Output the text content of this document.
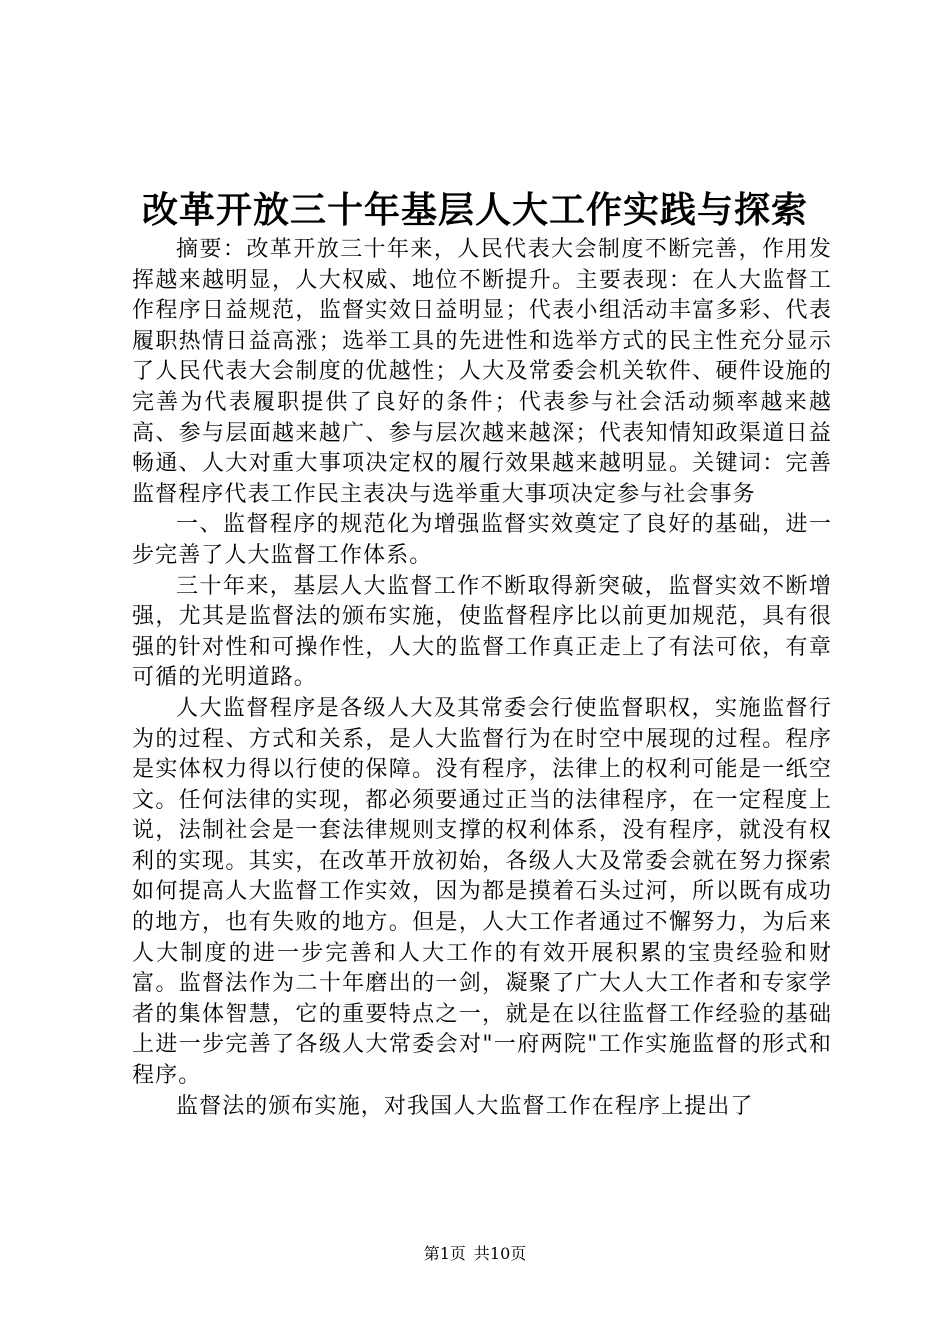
改革开放三十年基层人大工作实践与探索

摘要：改革开放三十年来，人民代表大会制度不断完善，作用发挥越来越明显，人大权威、地位不断提升。主要表现：在人大监督工作程序日益规范，监督实效日益明显；代表小组活动丰富多彩、代表履职热情日益高涨；选举工具的先进性和选举方式的民主性充分显示了人民代表大会制度的优越性；人大及常委会机关软件、硬件设施的完善为代表履职提供了良好的条件；代表参与社会活动频率越来越高、参与层面越来越广、参与层次越来越深；代表知情知政渠道日益畅通、人大对重大事项决定权的履行效果越来越明显。关键词：完善监督程序代表工作民主表决与选举重大事项决定参与社会事务

一、监督程序的规范化为增强监督实效奠定了良好的基础，进一步完善了人大监督工作体系。

三十年来，基层人大监督工作不断取得新突破，监督实效不断增强，尤其是监督法的颁布实施，使监督程序比以前更加规范，具有很强的针对性和可操作性，人大的监督工作真正走上了有法可依，有章可循的光明道路。

人大监督程序是各级人大及其常委会行使监督职权，实施监督行为的过程、方式和关系，是人大监督行为在时空中展现的过程。程序是实体权力得以行使的保障。没有程序，法律上的权利可能是一纸空文。任何法律的实现，都必须要通过正当的法律程序，在一定程度上说，法制社会是一套法律规则支撑的权利体系，没有程序，就没有权利的实现。其实，在改革开放初始，各级人大及常委会就在努力探索如何提高人大监督工作实效，因为都是摸着石头过河，所以既有成功的地方，也有失败的地方。但是，人大工作者通过不懈努力，为后来人大制度的进一步完善和人大工作的有效开展积累的宝贵经验和财富。监督法作为二十年磨出的一剑，凝聚了广大人大工作者和专家学者的集体智慧，它的重要特点之一，就是在以往监督工作经验的基础上进一步完善了各级人大常委会对"一府两院"工作实施监督的形式和程序。

监督法的颁布实施，对我国人大监督工作在程序上提出了

第1页 共10页
